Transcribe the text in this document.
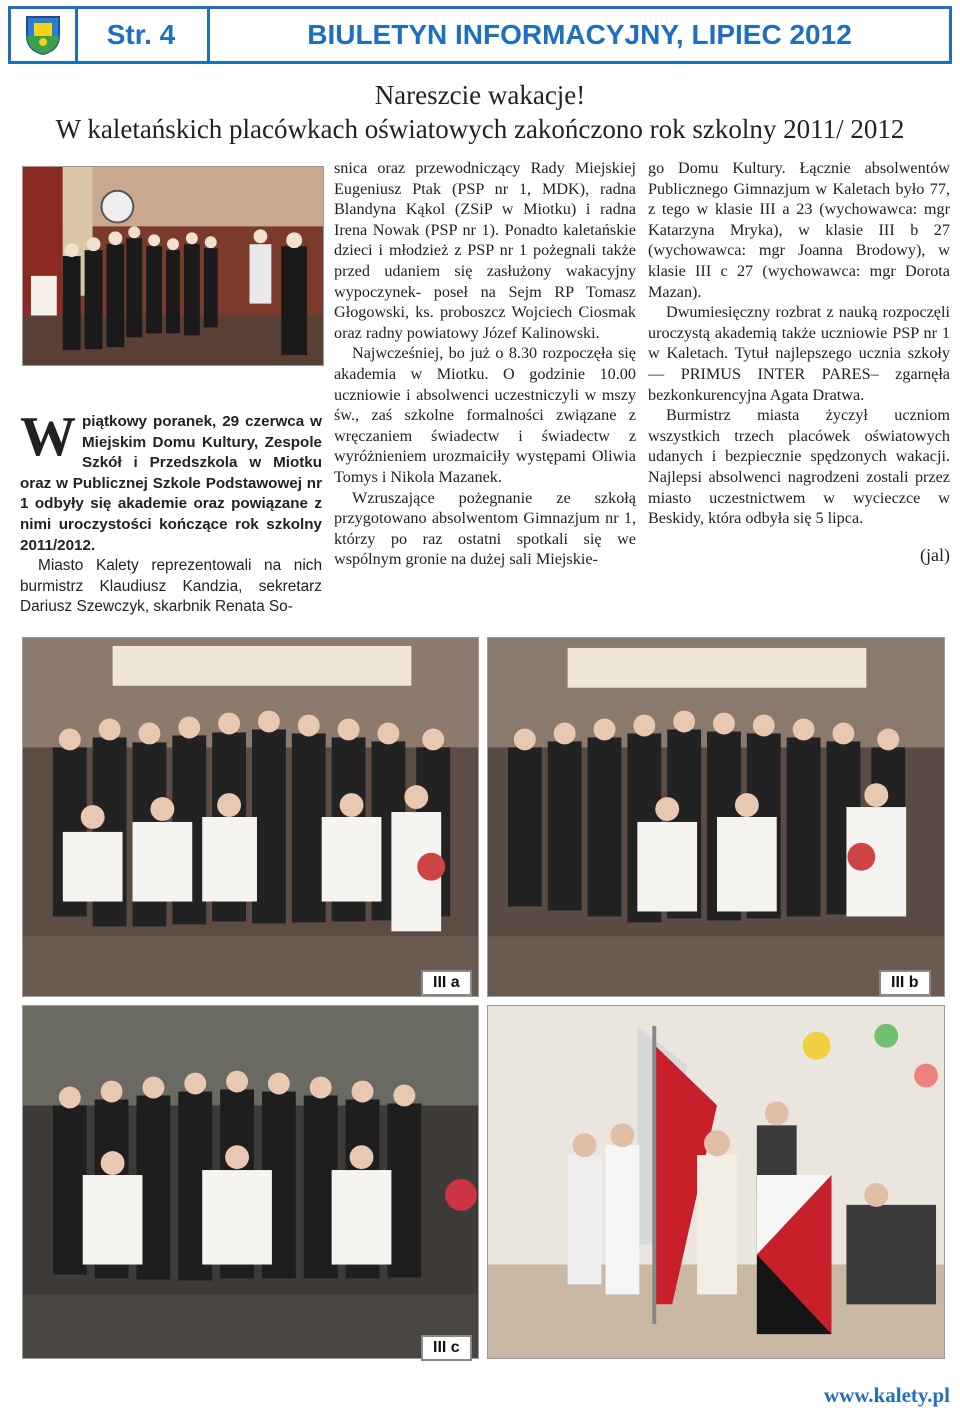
Str. 4	BIULETYN INFORMACYJNY, LIPIEC 2012
Nareszcie wakacje!
W kaletańskich placówkach oświatowych zakończono rok szkolny 2011/ 2012

Wpiątkowy poranek, 29 czerwca w Miejskim Domu Kultury, Zespole Szkół i Przedszkola w Miotku oraz w Publicznej Szkole Podstawowej nr 1 odbyły się akademie oraz powiązane z nimi uroczystości kończące rok szkolny 2011/2012.

Miasto Kalety reprezentowali na nich burmistrz Klaudiusz Kandzia, sekretarz Dariusz Szewczyk, skarbnik Renata So-

snica oraz przewodniczący Rady Miejskiej Eugeniusz Ptak (PSP nr 1, MDK), radna Blandyna Kąkol (ZSiP w Miotku) i radna Irena Nowak (PSP nr 1). Ponadto kaletańskie dzieci i młodzież z PSP nr 1 pożegnali także przed udaniem się zasłużony wakacyjny wypoczynek- poseł na Sejm RP Tomasz Głogowski, ks. proboszcz Wojciech Ciosmak oraz radny powiatowy Józef Kalinowski.

Najwcześniej, bo już o 8.30 rozpoczęła się akademia w Miotku. O godzinie 10.00 uczniowie i absolwenci uczestniczyli w mszy św., zaś szkolne formalności związane z wręczaniem świadectw i świadectw z wyróżnieniem urozmaiciły występami Oliwia Tomys i Nikola Mazanek.

Wzruszające pożegnanie ze szkołą przygotowano absolwentom Gimnazjum nr 1, którzy po raz ostatni spotkali się we wspólnym gronie na dużej sali Miejskie-

go Domu Kultury. Łącznie absolwentów Publicznego Gimnazjum w Kaletach było 77, z tego w klasie III a 23 (wychowawca: mgr Katarzyna Mryka), w klasie III b 27 (wychowawca: mgr Joanna Brodowy), w klasie III c 27 (wychowawca: mgr Dorota Mazan).

Dwumiesięczny rozbrat z nauką rozpoczęli uroczystą akademią także uczniowie PSP nr 1 w Kaletach. Tytuł najlepszego ucznia szkoły— PRIMUS INTER PARES– zgarnęła bezkonkurencyjna Agata Dratwa.

Burmistrz miasta życzył uczniom wszystkich trzech placówek oświatowych udanych i bezpiecznie spędzonych wakacji. Najlepsi absolwenci nagrodzeni zostali przez miasto uczestnictwem w wycieczce w Beskidy, która odbyła się 5 lipca.

(jal)

III a	III b
III c
www.kalety.pl
